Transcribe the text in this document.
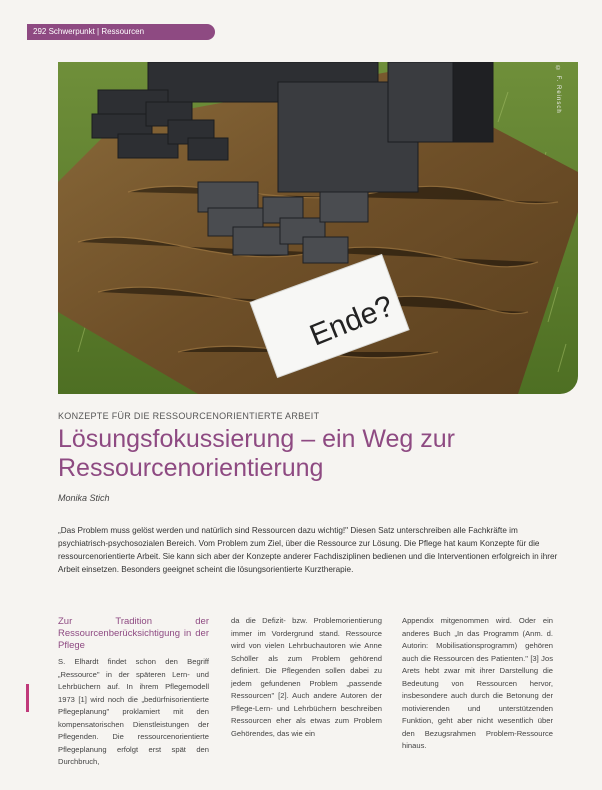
292 Schwerpunkt | Ressourcen
Ende?
© F. Reinsch
KONZEPTE FÜR DIE RESSOURCENORIENTIERTE ARBEIT
Lösungsfokussierung – ein Weg zur Ressourcenorientierung
Monika Stich
„Das Problem muss gelöst werden und natürlich sind Ressourcen dazu wichtig!" Diesen Satz unterschreiben alle Fachkräfte im psychiatrisch-psychosozialen Bereich. Vom Problem zum Ziel, über die Ressource zur Lösung. Die Pflege hat kaum Konzepte für die ressourcenorientierte Arbeit. Sie kann sich aber der Konzepte anderer Fachdisziplinen bedienen und die Interventionen erfolgreich in ihrer Arbeit einsetzen. Besonders geeignet scheint die lösungsorientierte Kurztherapie.
Zur Tradition der Ressourcenberücksichtigung in der Pflege
S. Elhardt findet schon den Begriff „Ressource" in der späteren Lern- und Lehrbüchern auf. In ihrem Pflegemodell 1973 [1] wird noch die „bedürfnisorientierte Pflegeplanung" proklamiert mit den kompensatorischen Dienstleistungen der Pflegenden. Die ressourcenorientierte Pflegeplanung erfolgt erst spät den Durchbruch,
da die Defizit- bzw. Problemorientierung immer im Vordergrund stand. Ressource wird von vielen Lehrbuchautoren wie Anne Schöller als zum Problem gehörend definiert. Die Pflegenden sollen dabei zu jedem gefundenen Problem „passende Ressourcen" [2]. Auch andere Autoren der Pflege-Lern- und Lehrbüchern beschreiben Ressourcen eher als etwas zum Problem Gehörendes, das wie ein
Appendix mitgenommen wird. Oder ein anderes Buch „In das Programm (Anm. d. Autorin: Mobilisationsprogramm) gehören auch die Ressourcen des Patienten." [3] Jos Arets hebt zwar mit ihrer Darstellung die Bedeutung von Ressourcen hervor, insbesondere auch durch die Betonung der motivierenden und unterstützenden Funktion, geht aber nicht wesentlich über den Bezugsrahmen Problem-Ressource hinaus.
